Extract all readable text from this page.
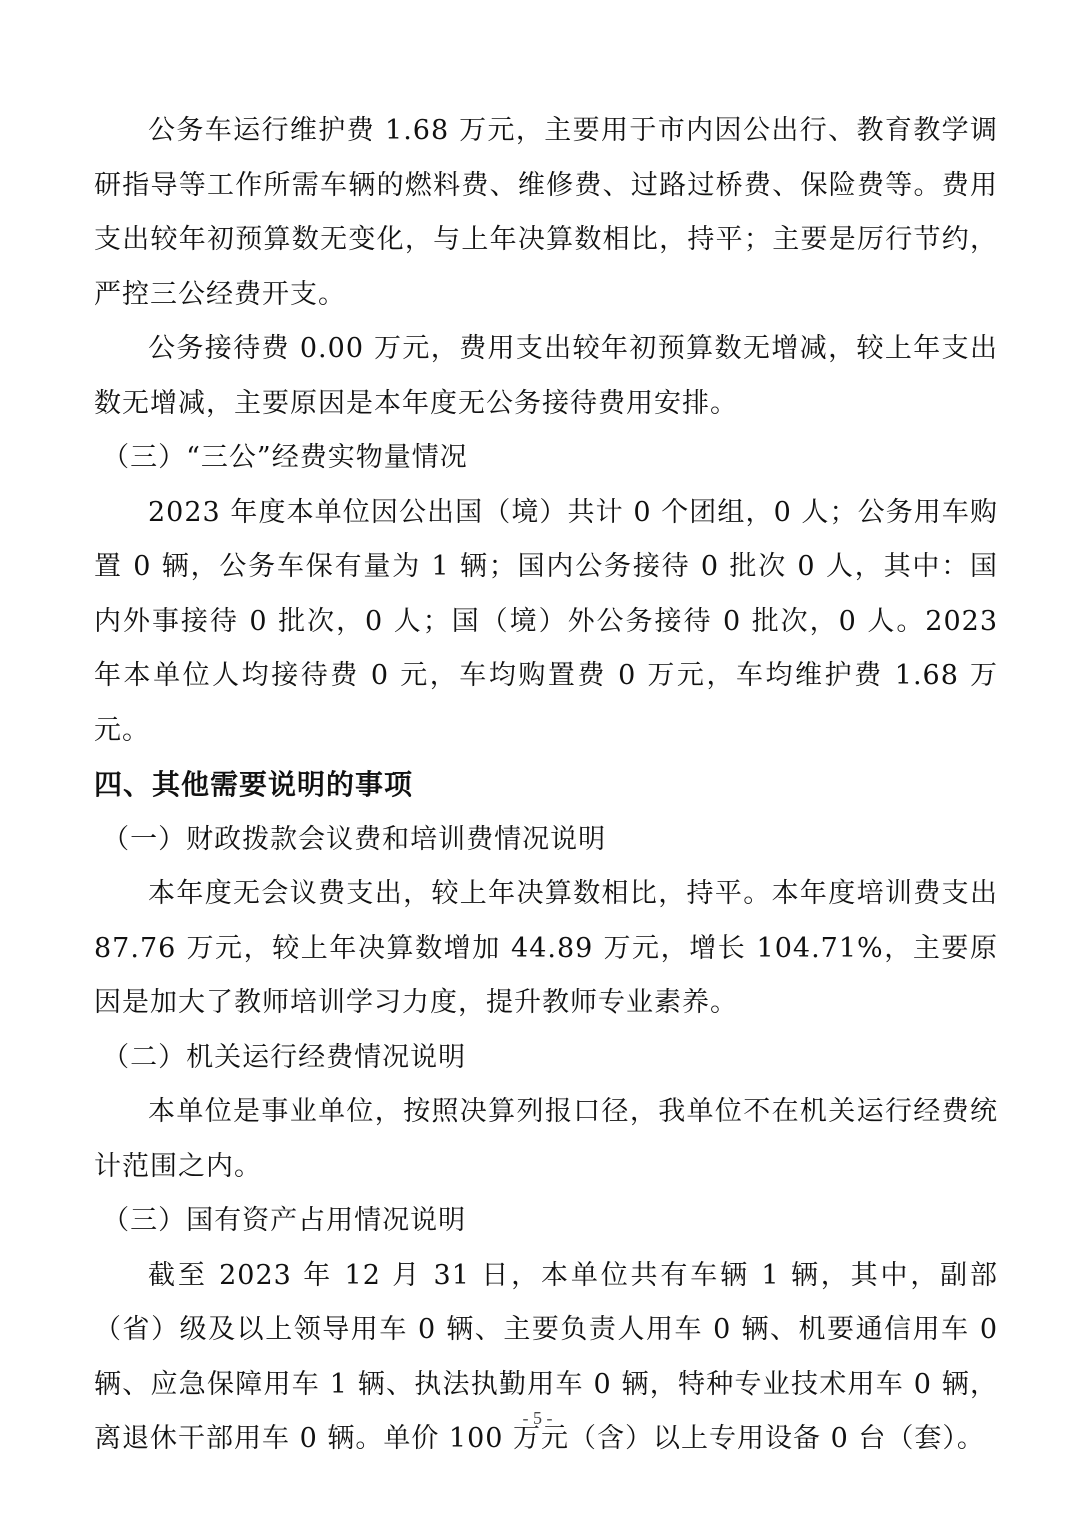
公务车运行维护费 1.68 万元，主要用于市内因公出行、教育教学调研指导等工作所需车辆的燃料费、维修费、过路过桥费、保险费等。费用支出较年初预算数无变化，与上年决算数相比，持平；主要是厉行节约，严控三公经费开支。

公务接待费 0.00 万元，费用支出较年初预算数无增减，较上年支出数无增减，主要原因是本年度无公务接待费用安排。

（三）“三公”经费实物量情况

2023 年度本单位因公出国（境）共计 0 个团组，0 人；公务用车购置 0 辆，公务车保有量为 1 辆；国内公务接待 0 批次 0 人，其中：国内外事接待 0 批次，0 人；国（境）外公务接待 0 批次，0 人。2023 年本单位人均接待费 0 元，车均购置费 0 万元，车均维护费 1.68 万元。

四、其他需要说明的事项

（一）财政拨款会议费和培训费情况说明

本年度无会议费支出，较上年决算数相比，持平。本年度培训费支出 87.76 万元，较上年决算数增加 44.89 万元，增长 104.71%，主要原因是加大了教师培训学习力度，提升教师专业素养。

（二）机关运行经费情况说明

本单位是事业单位，按照决算列报口径，我单位不在机关运行经费统计范围之内。

（三）国有资产占用情况说明

截至 2023 年 12 月 31 日，本单位共有车辆 1 辆，其中，副部（省）级及以上领导用车 0 辆、主要负责人用车 0 辆、机要通信用车 0 辆、应急保障用车 1 辆、执法执勤用车 0 辆，特种专业技术用车 0 辆，离退休干部用车 0 辆。单价 100 万元（含）以上专用设备 0 台（套）。

- 5 -
